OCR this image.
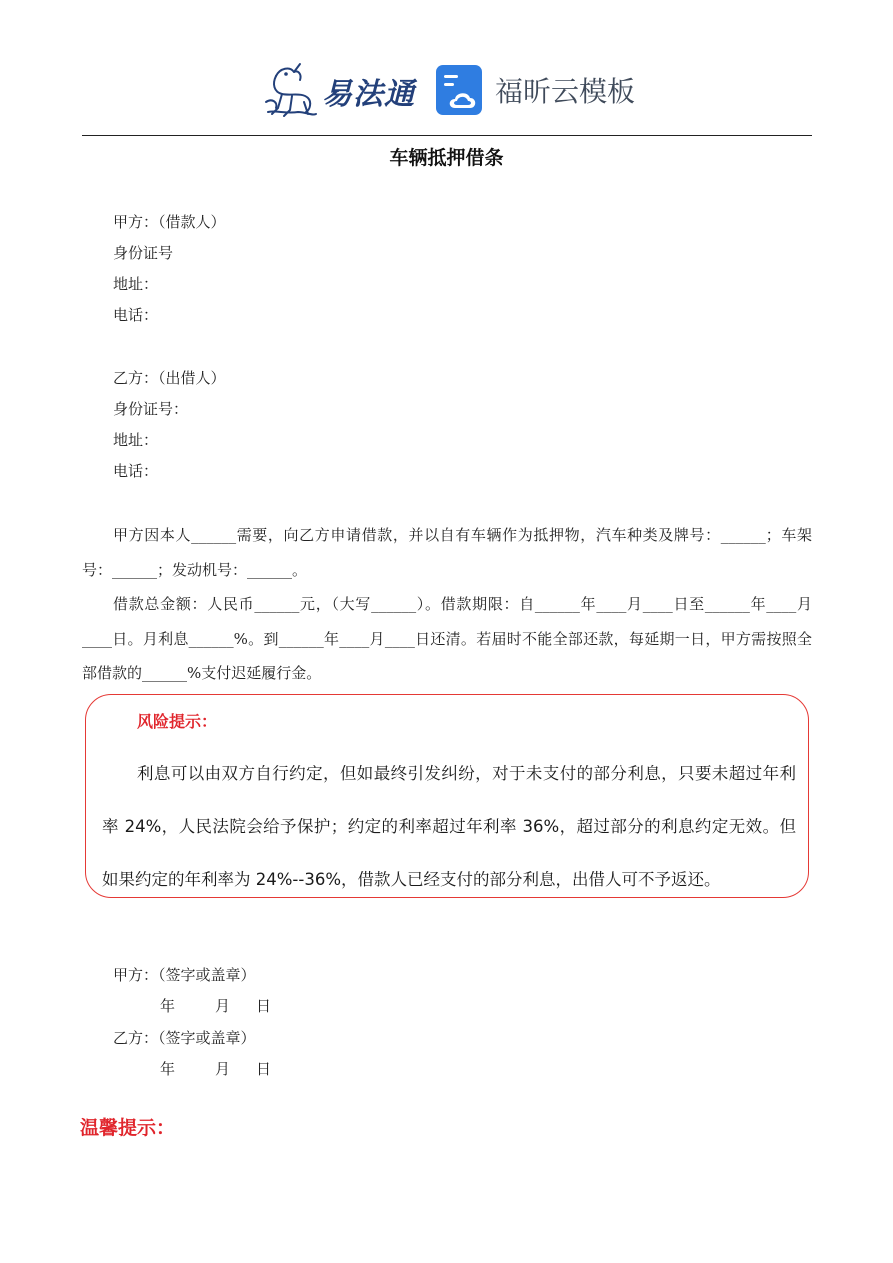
易法通	福昕云模板
车辆抵押借条
甲方：（借款人）
身份证号
地址：
电话：
乙方：（出借人）
身份证号：
地址：
电话：

甲方因本人______需要，向乙方申请借款，并以自有车辆作为抵押物，汽车种类及牌号：______；车架号：______；发动机号：______。

借款总金额：人民币______元，（大写______）。借款期限：自______年____月____日至______年____月____日。月利息______%。到______年____月____日还清。若届时不能全部还款，每延期一日，甲方需按照全部借款的______%支付迟延履行金。

风险提示：

利息可以由双方自行约定，但如最终引发纠纷，对于未支付的部分利息，只要未超过年利率 24%，人民法院会给予保护；约定的利率超过年利率 36%，超过部分的利息约定无效。但如果约定的年利率为 24%--36%，借款人已经支付的部分利息，出借人可不予返还。

甲方：（签字或盖章）
年	月 日
乙方：（签字或盖章）
年	月 日
温馨提示：
